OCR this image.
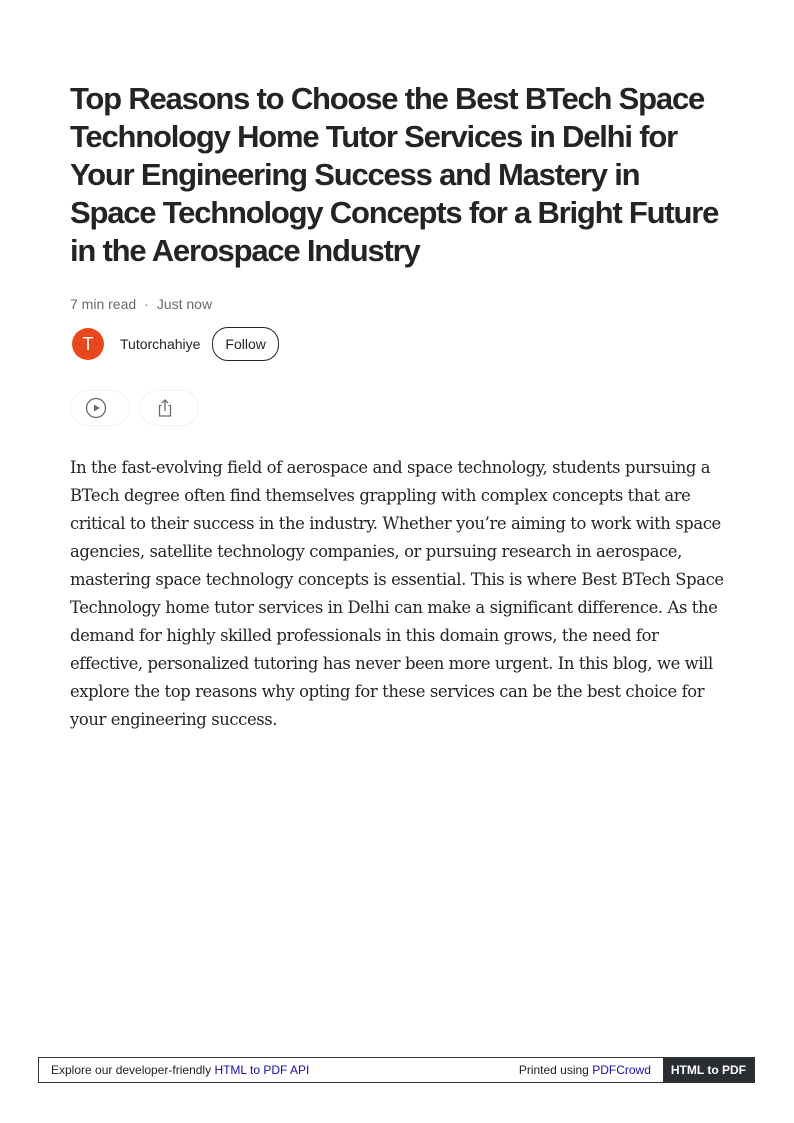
Top Reasons to Choose the Best BTech Space Technology Home Tutor Services in Delhi for Your Engineering Success and Mastery in Space Technology Concepts for a Bright Future in the Aerospace Industry
7 min read · Just now
T	Tutorchahiye	Follow

In the fast-evolving field of aerospace and space technology, students pursuing a BTech degree often find themselves grappling with complex concepts that are critical to their success in the industry. Whether you’re aiming to work with space agencies, satellite technology companies, or pursuing research in aerospace, mastering space technology concepts is essential. This is where Best BTech Space Technology home tutor services in Delhi can make a significant difference. As the demand for highly skilled professionals in this domain grows, the need for effective, personalized tutoring has never been more urgent. In this blog, we will explore the top reasons why opting for these services can be the best choice for your engineering success.

Explore our developer-friendly HTML to PDF API	Printed using PDFCrowd	HTML to PDF
